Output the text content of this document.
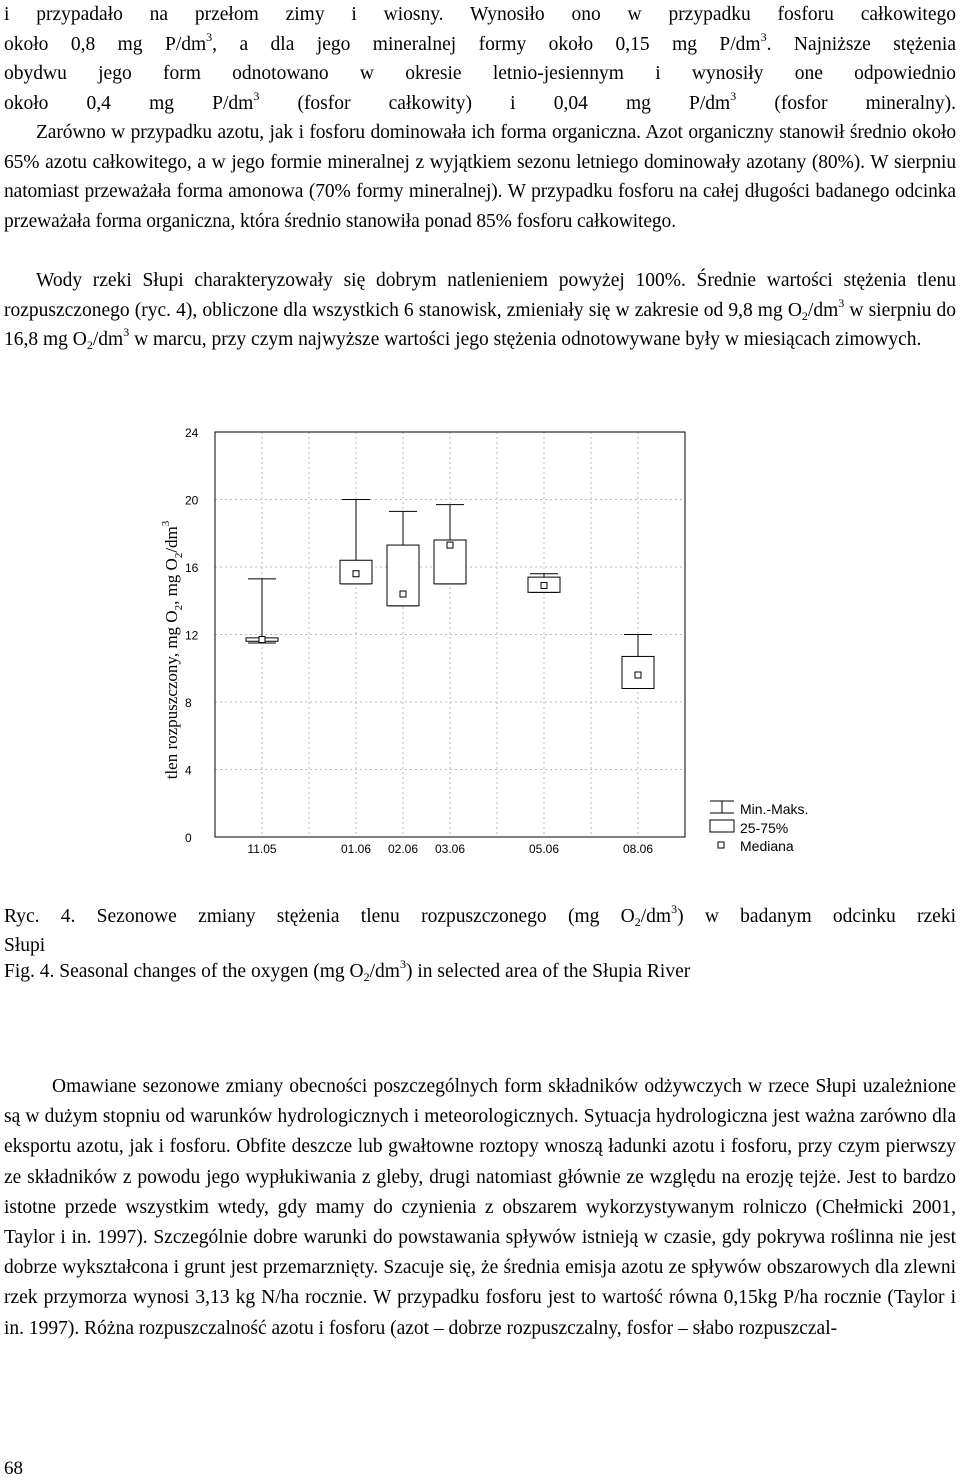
i przypadało na przełom zimy i wiosny. Wynosiło ono w przypadku fosforu całkowitego
około 0,8 mg $P/dm^3$, a dla jego mineralnej formy około 0,15 mg $P/dm^3$. Najniższe stężenia
obydwu jego form odnotowano w okresie letnio-jesiennym i wynosiły one odpowiednio
około 0,4 mg $P/dm^3$ (fosfor całkowity) i 0,04 mg $P/dm^3$ (fosfor mineralny).

Zarówno w przypadku azotu, jak i fosforu dominowała ich forma organiczna. Azot organiczny stanowił średnio około 65% azotu całkowitego, a w jego formie mineralnej z wyjątkiem sezonu letniego dominowały azotany (80%). W sierpniu natomiast przeważała forma amonowa (70% formy mineralnej). W przypadku fosforu na całej długości badanego odcinka przeważała forma organiczna, która średnio stanowiła ponad 85% fosforu całkowitego.

Wody rzeki Słupi charakteryzowały się dobrym natlenieniem powyżej 100%. Średnie wartości stężenia tlenu rozpuszczonego (ryc. 4), obliczone dla wszystkich 6 stanowisk, zmieniały się w zakresie od 9,8 mg $O_2/dm^3$ w sierpniu do 16,8 mg $O_2/dm^3$ w marcu, przy czym najwyższe wartości jego stężenia odnotowywane były w miesiącach zimowych.

0
4
8
12
16
20
24
11.05	01.06 02.06 03.06	05.06	08.06
tlen rozpuszczony, mg $O_2$, mg $O_2/dm^3$
Min.-Maks.
25-75%
Mediana
Ryc. 4. Sezonowe zmiany stężenia tlenu rozpuszczonego (mg $O_2/dm^3$) w badanym odcinku rzeki
Słupi
Fig. 4. Seasonal changes of the oxygen (mg $O_2/dm^3$) in selected area of the Słupia River

Omawiane sezonowe zmiany obecności poszczególnych form składników odżywczych w rzece Słupi uzależnione są w dużym stopniu od warunków hydrologicznych i meteorologicznych. Sytuacja hydrologiczna jest ważna zarówno dla eksportu azotu, jak i fosforu. Obfite deszcze lub gwałtowne roztopy wnoszą ładunki azotu i fosforu, przy czym pierwszy ze składników z powodu jego wypłukiwania z gleby, drugi natomiast głównie ze względu na erozję tejże. Jest to bardzo istotne przede wszystkim wtedy, gdy mamy do czynienia z obszarem wykorzystywanym rolniczo (Chełmicki 2001, Taylor i in. 1997). Szczególnie dobre warunki do powstawania spływów istnieją w czasie, gdy pokrywa roślinna nie jest dobrze wykształcona i grunt jest przemarznięty. Szacuje się, że średnia emisja azotu ze spływów obszarowych dla zlewni rzek przymorza wynosi 3,13 kg N/ha rocznie. W przypadku fosforu jest to wartość równa 0,15kg P/ha rocznie (Taylor i in. 1997). Różna rozpuszczalność azotu i fosforu (azot – dobrze rozpuszczalny, fosfor – słabo rozpuszczal-

68
